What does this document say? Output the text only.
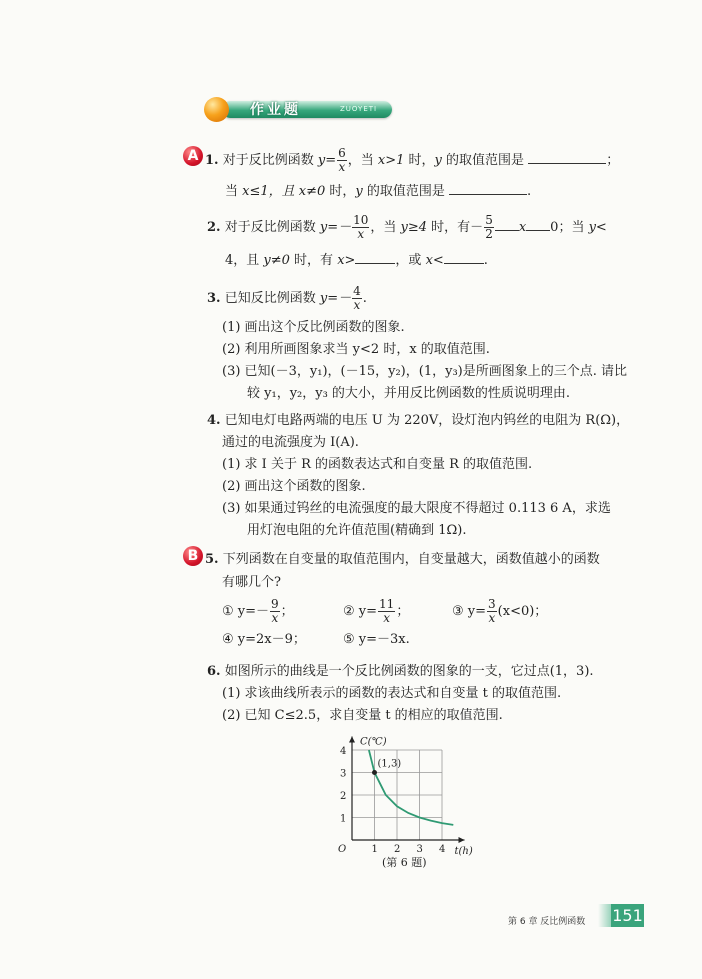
作业题	ZUOYETI
A 1. 对于反比例函数 $y= \frac{6}{x}$，当 x>1 时，y 的取值范围是	；
当 x≤1，且 x≠0 时，y 的取值范围是	.
2. 对于反比例函数 $y=- \frac{10}{x}$，当 y≥4 时，有－ $\frac{5}{2}$ x 0；当 y<
4，且 y≠0 时，有 x>	，或 x<	.
3. 已知反比例函数 $y=- \frac{4}{x}$.
(1) 画出这个反比例函数的图象.
(2) 利用所画图象求当 y<2 时，x 的取值范围.
(3) 已知(－3，y₁)，(－15，y₂)，(1，y₃)是所画图象上的三个点. 请比
较 y₁，y₂，y₃ 的大小，并用反比例函数的性质说明理由.
4. 已知电灯电路两端的电压 U 为 220V，设灯泡内钨丝的电阻为 R(Ω)，
通过的电流强度为 I(A).
(1) 求 I 关于 R 的函数表达式和自变量 R 的取值范围.
(2) 画出这个函数的图象.
(3) 如果通过钨丝的电流强度的最大限度不得超过 0.113 6 A，求选
用灯泡电阻的允许值范围(精确到 1Ω).
B 5. 下列函数在自变量的取值范围内，自变量越大，函数值越小的函数
有哪几个?
① $y=- \frac{9}{x}$；	② $y= \frac{11}{x}$；	③ $y= \frac{3}{x}(x<0)$；
④ y=2x－9；	⑤ y=－3x.
6. 如图所示的曲线是一个反比例函数的图象的一支，它过点(1，3).
(1) 求该曲线所表示的函数的表达式和自变量 t 的取值范围.
(2) 已知 C≤2.5，求自变量 t 的相应的取值范围.
1 2 3 4
1
2
3
4
O
C(℃)
t(h)
(1,3)
(第 6 题)
第 6 章 反比例函数 151
